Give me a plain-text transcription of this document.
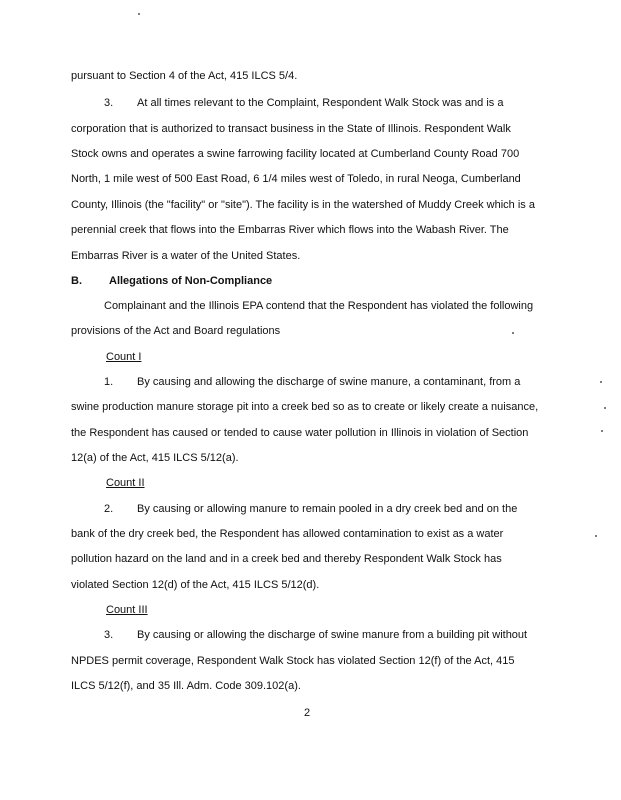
pursuant to Section 4 of the Act, 415 ILCS 5/4.
3. At all times relevant to the Complaint, Respondent Walk Stock was and is a
corporation that is authorized to transact business in the State of Illinois. Respondent Walk
Stock owns and operates a swine farrowing facility located at Cumberland County Road 700
North, 1 mile west of 500 East Road, 6 1/4 miles west of Toledo, in rural Neoga, Cumberland
County, Illinois (the "facility" or "site"). The facility is in the watershed of Muddy Creek which is a
perennial creek that flows into the Embarras River which flows into the Wabash River. The
Embarras River is a water of the United States.
B. Allegations of Non-Compliance
Complainant and the Illinois EPA contend that the Respondent has violated the following
provisions of the Act and Board regulations
Count I
1. By causing and allowing the discharge of swine manure, a contaminant, from a
swine production manure storage pit into a creek bed so as to create or likely create a nuisance,
the Respondent has caused or tended to cause water pollution in Illinois in violation of Section
12(a) of the Act, 415 ILCS 5/12(a).
Count II
2. By causing or allowing manure to remain pooled in a dry creek bed and on the
bank of the dry creek bed, the Respondent has allowed contamination to exist as a water
pollution hazard on the land and in a creek bed and thereby Respondent Walk Stock has
violated Section 12(d) of the Act, 415 ILCS 5/12(d).
Count III
3. By causing or allowing the discharge of swine manure from a building pit without
NPDES permit coverage, Respondent Walk Stock has violated Section 12(f) of the Act, 415
ILCS 5/12(f), and 35 Ill. Adm. Code 309.102(a).
2
